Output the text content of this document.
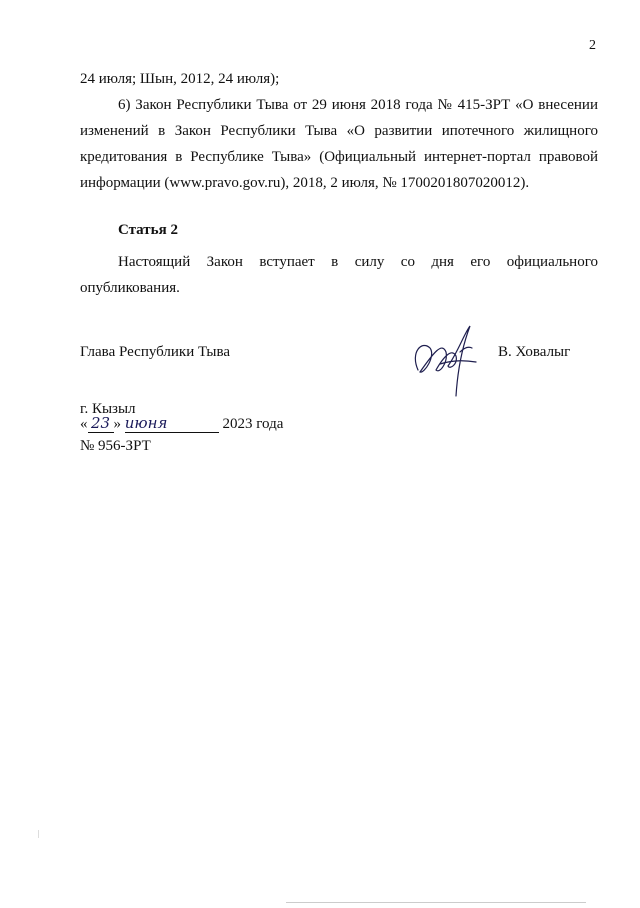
2

24 июля; Шын, 2012, 24 июля);

6) Закон Республики Тыва от 29 июня 2018 года № 415-ЗРТ «О внесении изменений в Закон Республики Тыва «О развитии ипотечного жилищного кредитования в Республике Тыва» (Официальный интернет-портал правовой информации (www.pravo.gov.ru), 2018, 2 июля, № 1700201807020012).

Статья 2

Настоящий Закон вступает в силу со дня его официального опубликования.

Глава Республики Тыва	В. Ховалыг
г. Кызыл
« 23 » июня	2023 года
№ 956-ЗРТ
